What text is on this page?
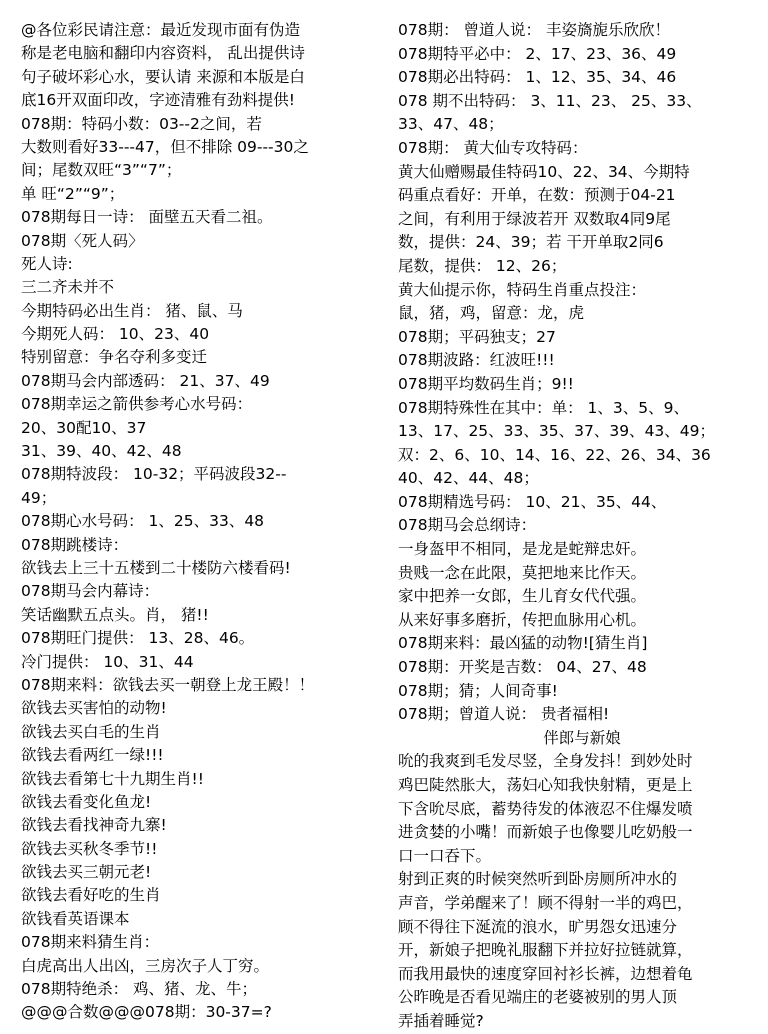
@各位彩民请注意：最近发现市面有伪造
称是老电脑和翻印内容资料， 乱出提供诗
句子破坏彩心水，要认请 来源和本版是白
底16开双面印改，字迹清雅有劲料提供!
078期：特码小数：03--2之间，若
大数则看好33---47，但不排除 09---30之
间；尾数双旺“3”“7”；
单 旺“2”“9”；
078期每日一诗： 面壁五天看二祖。
078期〈死人码〉
死人诗:
三二齐未并不
今期特码必出生肖： 猪、鼠、马
今期死人码： 10、23、40
特别留意：争名夺利多变迁
078期马会内部透码： 21、37、49
078期幸运之箭供参考心水号码：
20、30配10、37
31、39、40、42、48
078期特波段： 10-32；平码波段32--
49；
078期心水号码： 1、25、33、48
078期跳楼诗：
欲钱去上三十五楼到二十楼防六楼看码!
078期马会内幕诗：
笑话幽默五点头。肖， 猪!!
078期旺门提供： 13、28、46。
冷门提供： 10、31、44
078期来料：欲钱去买一朝登上龙王殿！！
欲钱去买害怕的动物!
欲钱去买白毛的生肖
欲钱去看两红一绿!!!
欲钱去看第七十九期生肖!!
欲钱去看变化鱼龙!
欲钱去看找神奇九寨!
欲钱去买秋冬季节!!
欲钱去买三朝元老!
欲钱去看好吃的生肖
欲钱看英语课本
078期来料猜生肖：
白虎高出人出凶，三房次子人丁穷。
078期特绝杀： 鸡、猪、龙、牛；
@@@合数@@@078期：30-37=?
078期： 曾道人说： 丰姿旖旎乐欣欣！
078期特平必中： 2、17、23、36、49
078期必出特码： 1、12、35、34、46
078 期不出特码： 3、11、23、 25、33、
33、47、48；
078期： 黄大仙专攻特码：
黄大仙赠赐最佳特码10、22、34、今期特
码重点看好：开单，在数：预测于04-21
之间，有利用于绿波若开 双数取4同9尾
数，提供：24、39；若 干开单取2同6
尾数，提供： 12、26；
黄大仙提示你，特码生肖重点投注：
鼠，猪，鸡，留意：龙，虎
078期；平码独支；27
078期波路：红波旺!!!
078期平均数码生肖；9!!
078期特殊性在其中：单： 1、3、5、9、
13、17、25、33、35、37、39、43、49；
双：2、6、10、14、16、22、26、34、36
40、42、44、48；
078期精选号码： 10、21、35、44、
078期马会总纲诗：
一身盔甲不相同，是龙是蛇辩忠奸。
贵贱一念在此限，莫把地来比作天。
家中把养一女郎，生儿育女代代强。
从来好事多磨折，传把血脉用心机。
078期来料：最凶猛的动物![猜生肖]
078期：开奖是吉数： 04、27、48
078期；猜；人间奇事!
078期；曾道人说： 贵者福相!
伴郎与新娘
吮的我爽到毛发尽竖，全身发抖！到妙处时
鸡巴陡然胀大，荡妇心知我快射精，更是上
下含吮尽底，蓄势待发的体液忍不住爆发喷
进贪婪的小嘴！而新娘子也像婴儿吃奶般一
口一口吞下。
射到正爽的时候突然听到卧房厕所冲水的
声音，学弟醒来了！顾不得射一半的鸡巴，
顾不得往下涎流的浪水，旷男怨女迅速分
开，新娘子把晚礼服翻下并拉好拉链就算，
而我用最快的速度穿回衬衫长裤，边想着龟
公昨晚是否看见端庄的老婆被别的男人顶
弄插着睡觉?
